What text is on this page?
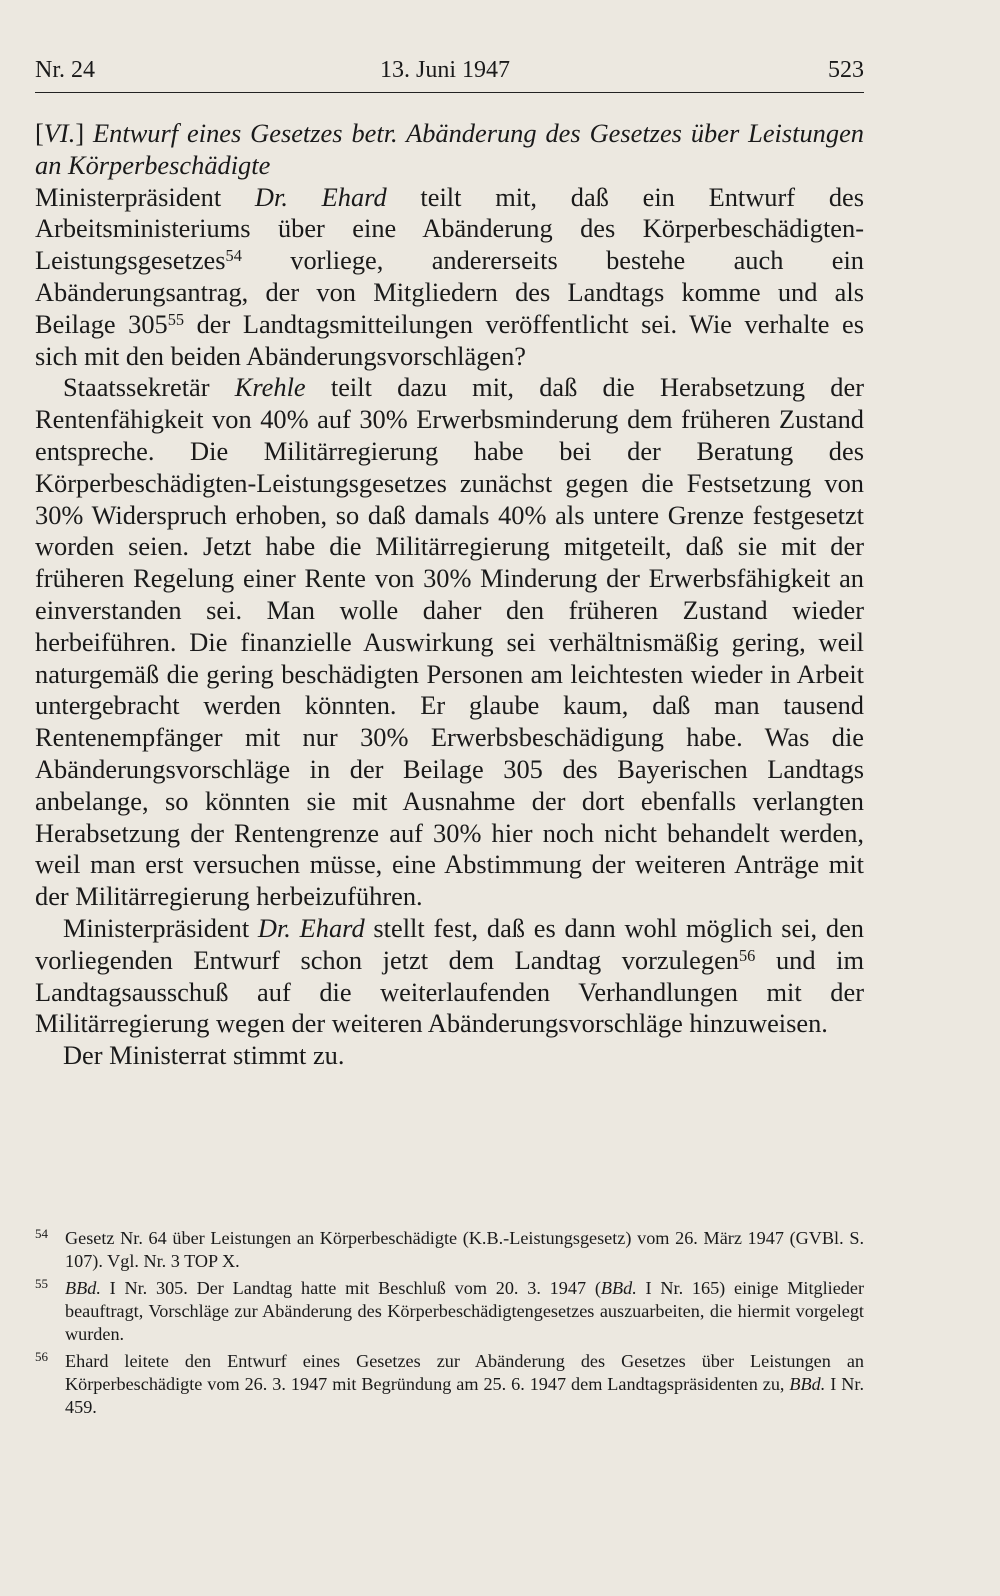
Nr. 24	13. Juni 1947	523

[VI.] Entwurf eines Gesetzes betr. Abänderung des Gesetzes über Leistungen an Körperbeschädigte

Ministerpräsident Dr. Ehard teilt mit, daß ein Entwurf des Arbeitsministeriums über eine Abänderung des Körperbeschädigten-Leistungsgesetzes$^{54}$ vorliege, andererseits bestehe auch ein Abänderungsantrag, der von Mitgliedern des Landtags komme und als Beilage $305^{55}$ der Landtagsmitteilungen veröffentlicht sei. Wie verhalte es sich mit den beiden Abänderungsvorschlägen?

Staatssekretär Krehle teilt dazu mit, daß die Herabsetzung der Rentenfähigkeit von 40% auf 30% Erwerbsminderung dem früheren Zustand entspreche. Die Militärregierung habe bei der Beratung des Körperbeschädigten-Leistungsgesetzes zunächst gegen die Festsetzung von 30% Widerspruch erhoben, so daß damals 40% als untere Grenze festgesetzt worden seien. Jetzt habe die Militärregierung mitgeteilt, daß sie mit der früheren Regelung einer Rente von 30% Minderung der Erwerbsfähigkeit an einverstanden sei. Man wolle daher den früheren Zustand wieder herbeiführen. Die finanzielle Auswirkung sei verhältnismäßig gering, weil naturgemäß die gering beschädigten Personen am leichtesten wieder in Arbeit untergebracht werden könnten. Er glaube kaum, daß man tausend Rentenempfänger mit nur 30% Erwerbsbeschädigung habe. Was die Abänderungsvorschläge in der Beilage 305 des Bayerischen Landtags anbelange, so könnten sie mit Ausnahme der dort ebenfalls verlangten Herabsetzung der Rentengrenze auf 30% hier noch nicht behandelt werden, weil man erst versuchen müsse, eine Abstimmung der weiteren Anträge mit der Militärregierung herbeizuführen.

Ministerpräsident Dr. Ehard stellt fest, daß es dann wohl möglich sei, den vorliegenden Entwurf schon jetzt dem Landtag vorzulegen$^{56}$ und im Landtagsausschuß auf die weiterlaufenden Verhandlungen mit der Militärregierung wegen der weiteren Abänderungsvorschläge hinzuweisen.

Der Ministerrat stimmt zu.

54 Gesetz Nr. 64 über Leistungen an Körperbeschädigte (K.B.-Leistungsgesetz) vom 26. März 1947 (GVBl. S. 107). Vgl. Nr. 3 TOP X.
55 BBd. I Nr. 305. Der Landtag hatte mit Beschluß vom 20. 3. 1947 (BBd. I Nr. 165) einige Mitglieder beauftragt, Vorschläge zur Abänderung des Körperbeschädigtengesetzes auszuarbeiten, die hiermit vorgelegt wurden.
56 Ehard leitete den Entwurf eines Gesetzes zur Abänderung des Gesetzes über Leistungen an Körperbeschädigte vom 26. 3. 1947 mit Begründung am 25. 6. 1947 dem Landtagspräsidenten zu, BBd. I Nr. 459.
